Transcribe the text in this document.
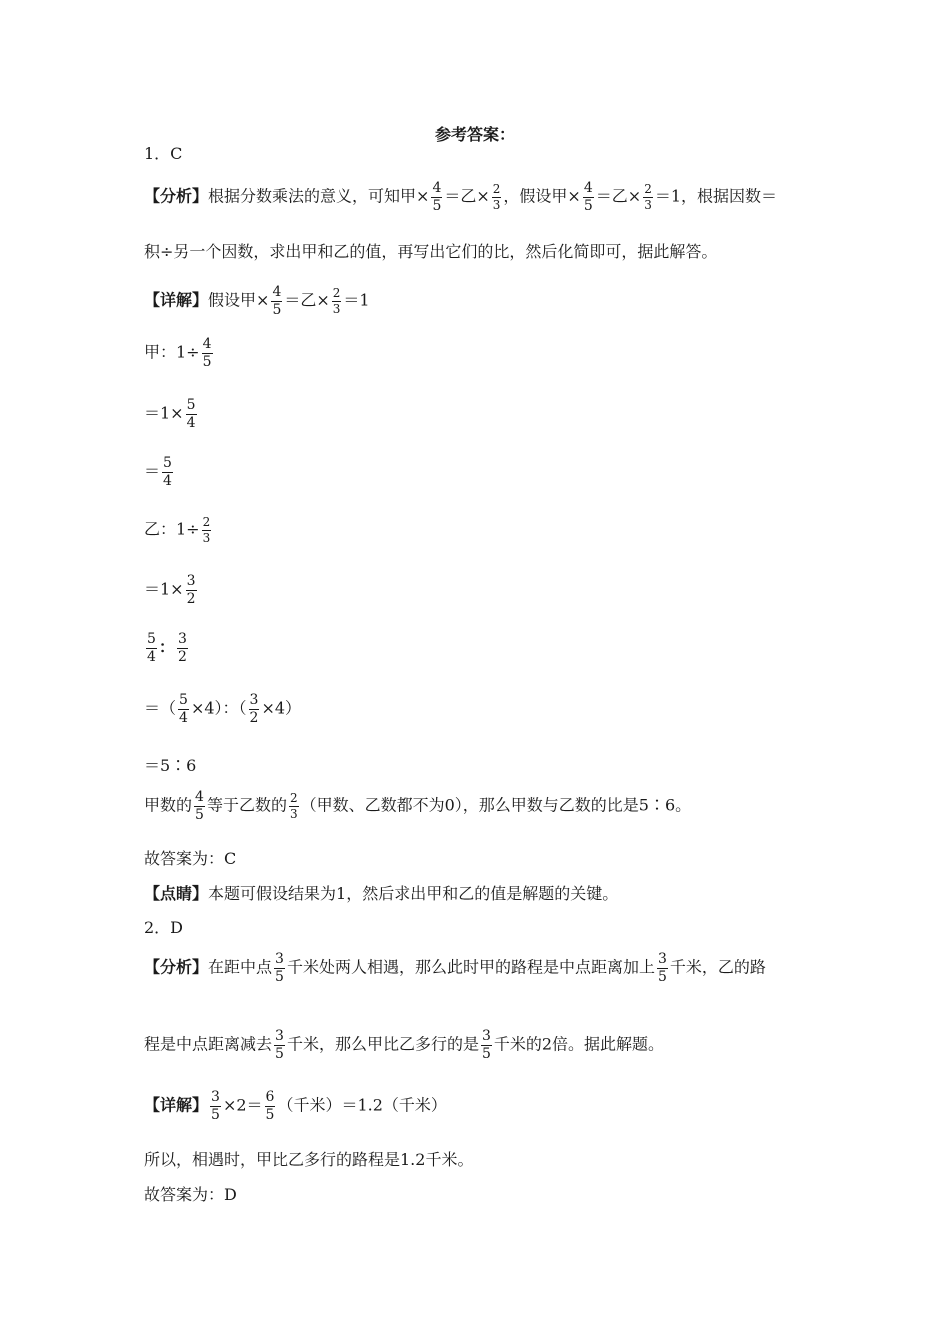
参考答案：
1．C
【分析】根据分数乘法的意义，可知甲× $\frac{4}{5}$ ＝乙× $\frac{2}{3}$ ，假设甲× $\frac{4}{5}$ ＝乙× $\frac{2}{3} =1$，根据因数＝
积÷另一个因数，求出甲和乙的值，再写出它们的比，然后化简即可，据此解答。
【详解】假设甲× $\frac{4}{5}$ ＝乙× $\frac{2}{3} =1$
甲：$1\div \frac{4}{5}$
$=1\times \frac{5}{4}$
＝ $\frac{5}{4}$
乙：$1\div \frac{2}{3}$
$=1\times \frac{3}{2}$
$\frac{5}{4}$ ： $\frac{3}{2}$
＝（ $\frac{5}{4} \times 4$）：（ $\frac{3}{2} \times 4$）
＝5∶6
甲数的 $\frac{4}{5}$ 等于乙数的 $\frac{2}{3}$ （甲数、乙数都不为0），那么甲数与乙数的比是5∶6。
故答案为：C
【点睛】本题可假设结果为1，然后求出甲和乙的值是解题的关键。
2．D
【分析】在距中点 $\frac{3}{5}$ 千米处两人相遇，那么此时甲的路程是中点距离加上 $\frac{3}{5}$ 千米，乙的路
程是中点距离减去 $\frac{3}{5}$ 千米，那么甲比乙多行的是 $\frac{3}{5}$ 千米的2倍。据此解题。
【详解】 $\frac{3}{5} \times 2= \frac{6}{5}$ （千米）＝1.2（千米）
所以，相遇时，甲比乙多行的路程是1.2千米。
故答案为：D
